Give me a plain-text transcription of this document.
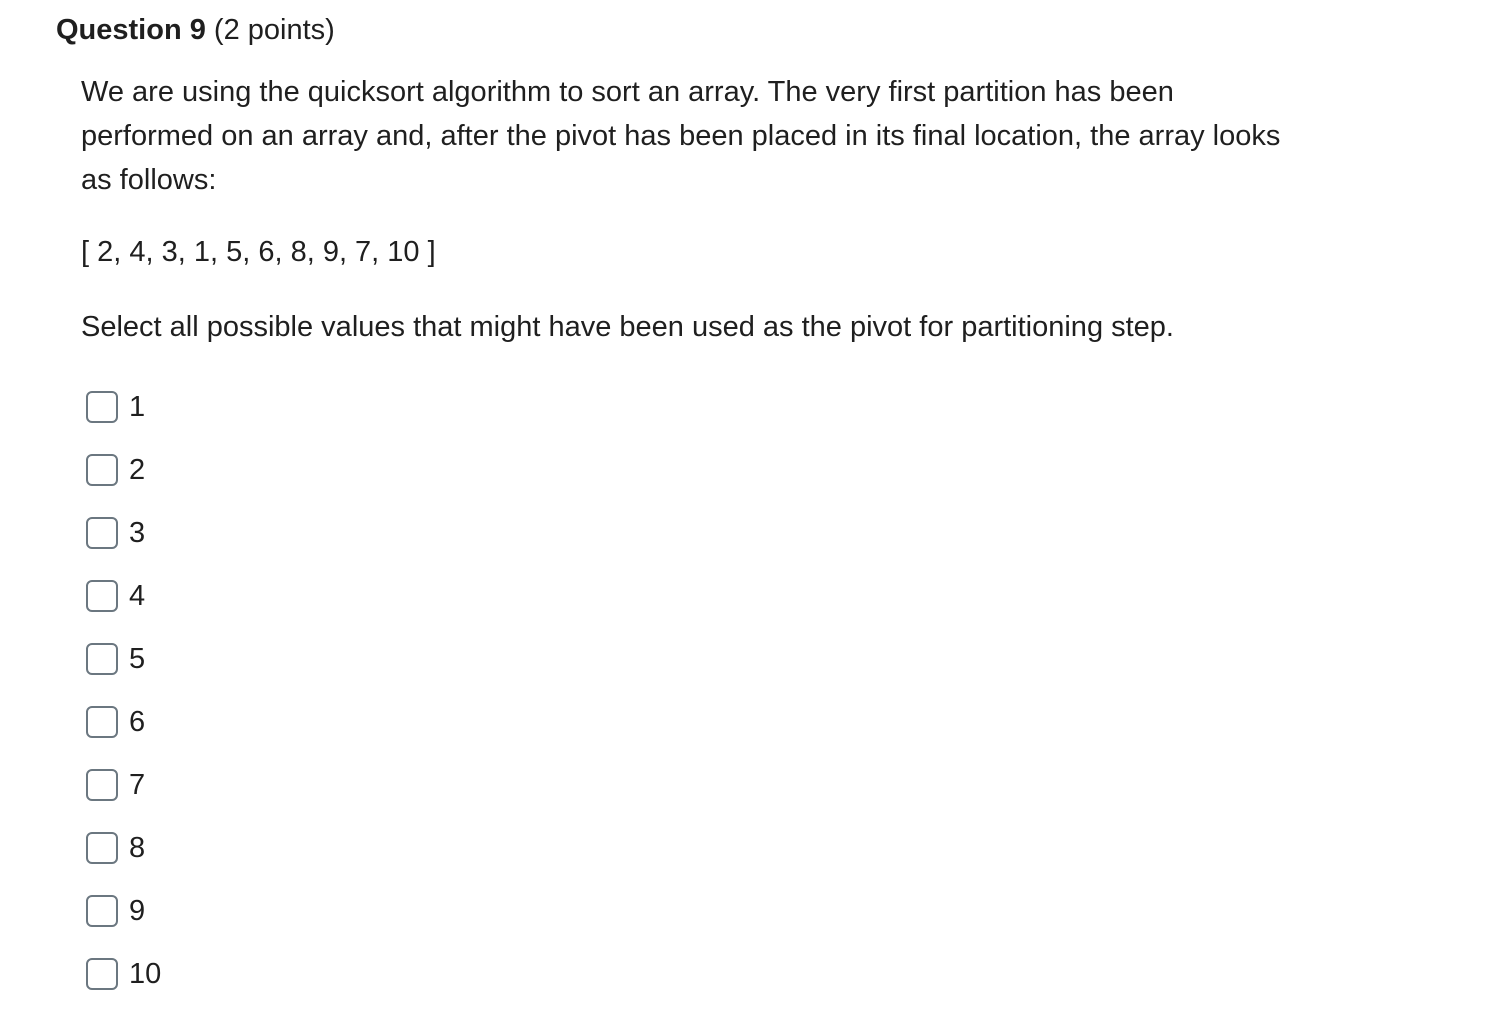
Question 9 (2 points)

We are using the quicksort algorithm to sort an array. The very first partition has been performed on an array and, after the pivot has been placed in its final location, the array looks as follows:

[ 2, 4, 3, 1, 5, 6, 8, 9, 7, 10 ]

Select all possible values that might have been used as the pivot for partitioning step.

1
2
3
4
5
6
7
8
9
10
